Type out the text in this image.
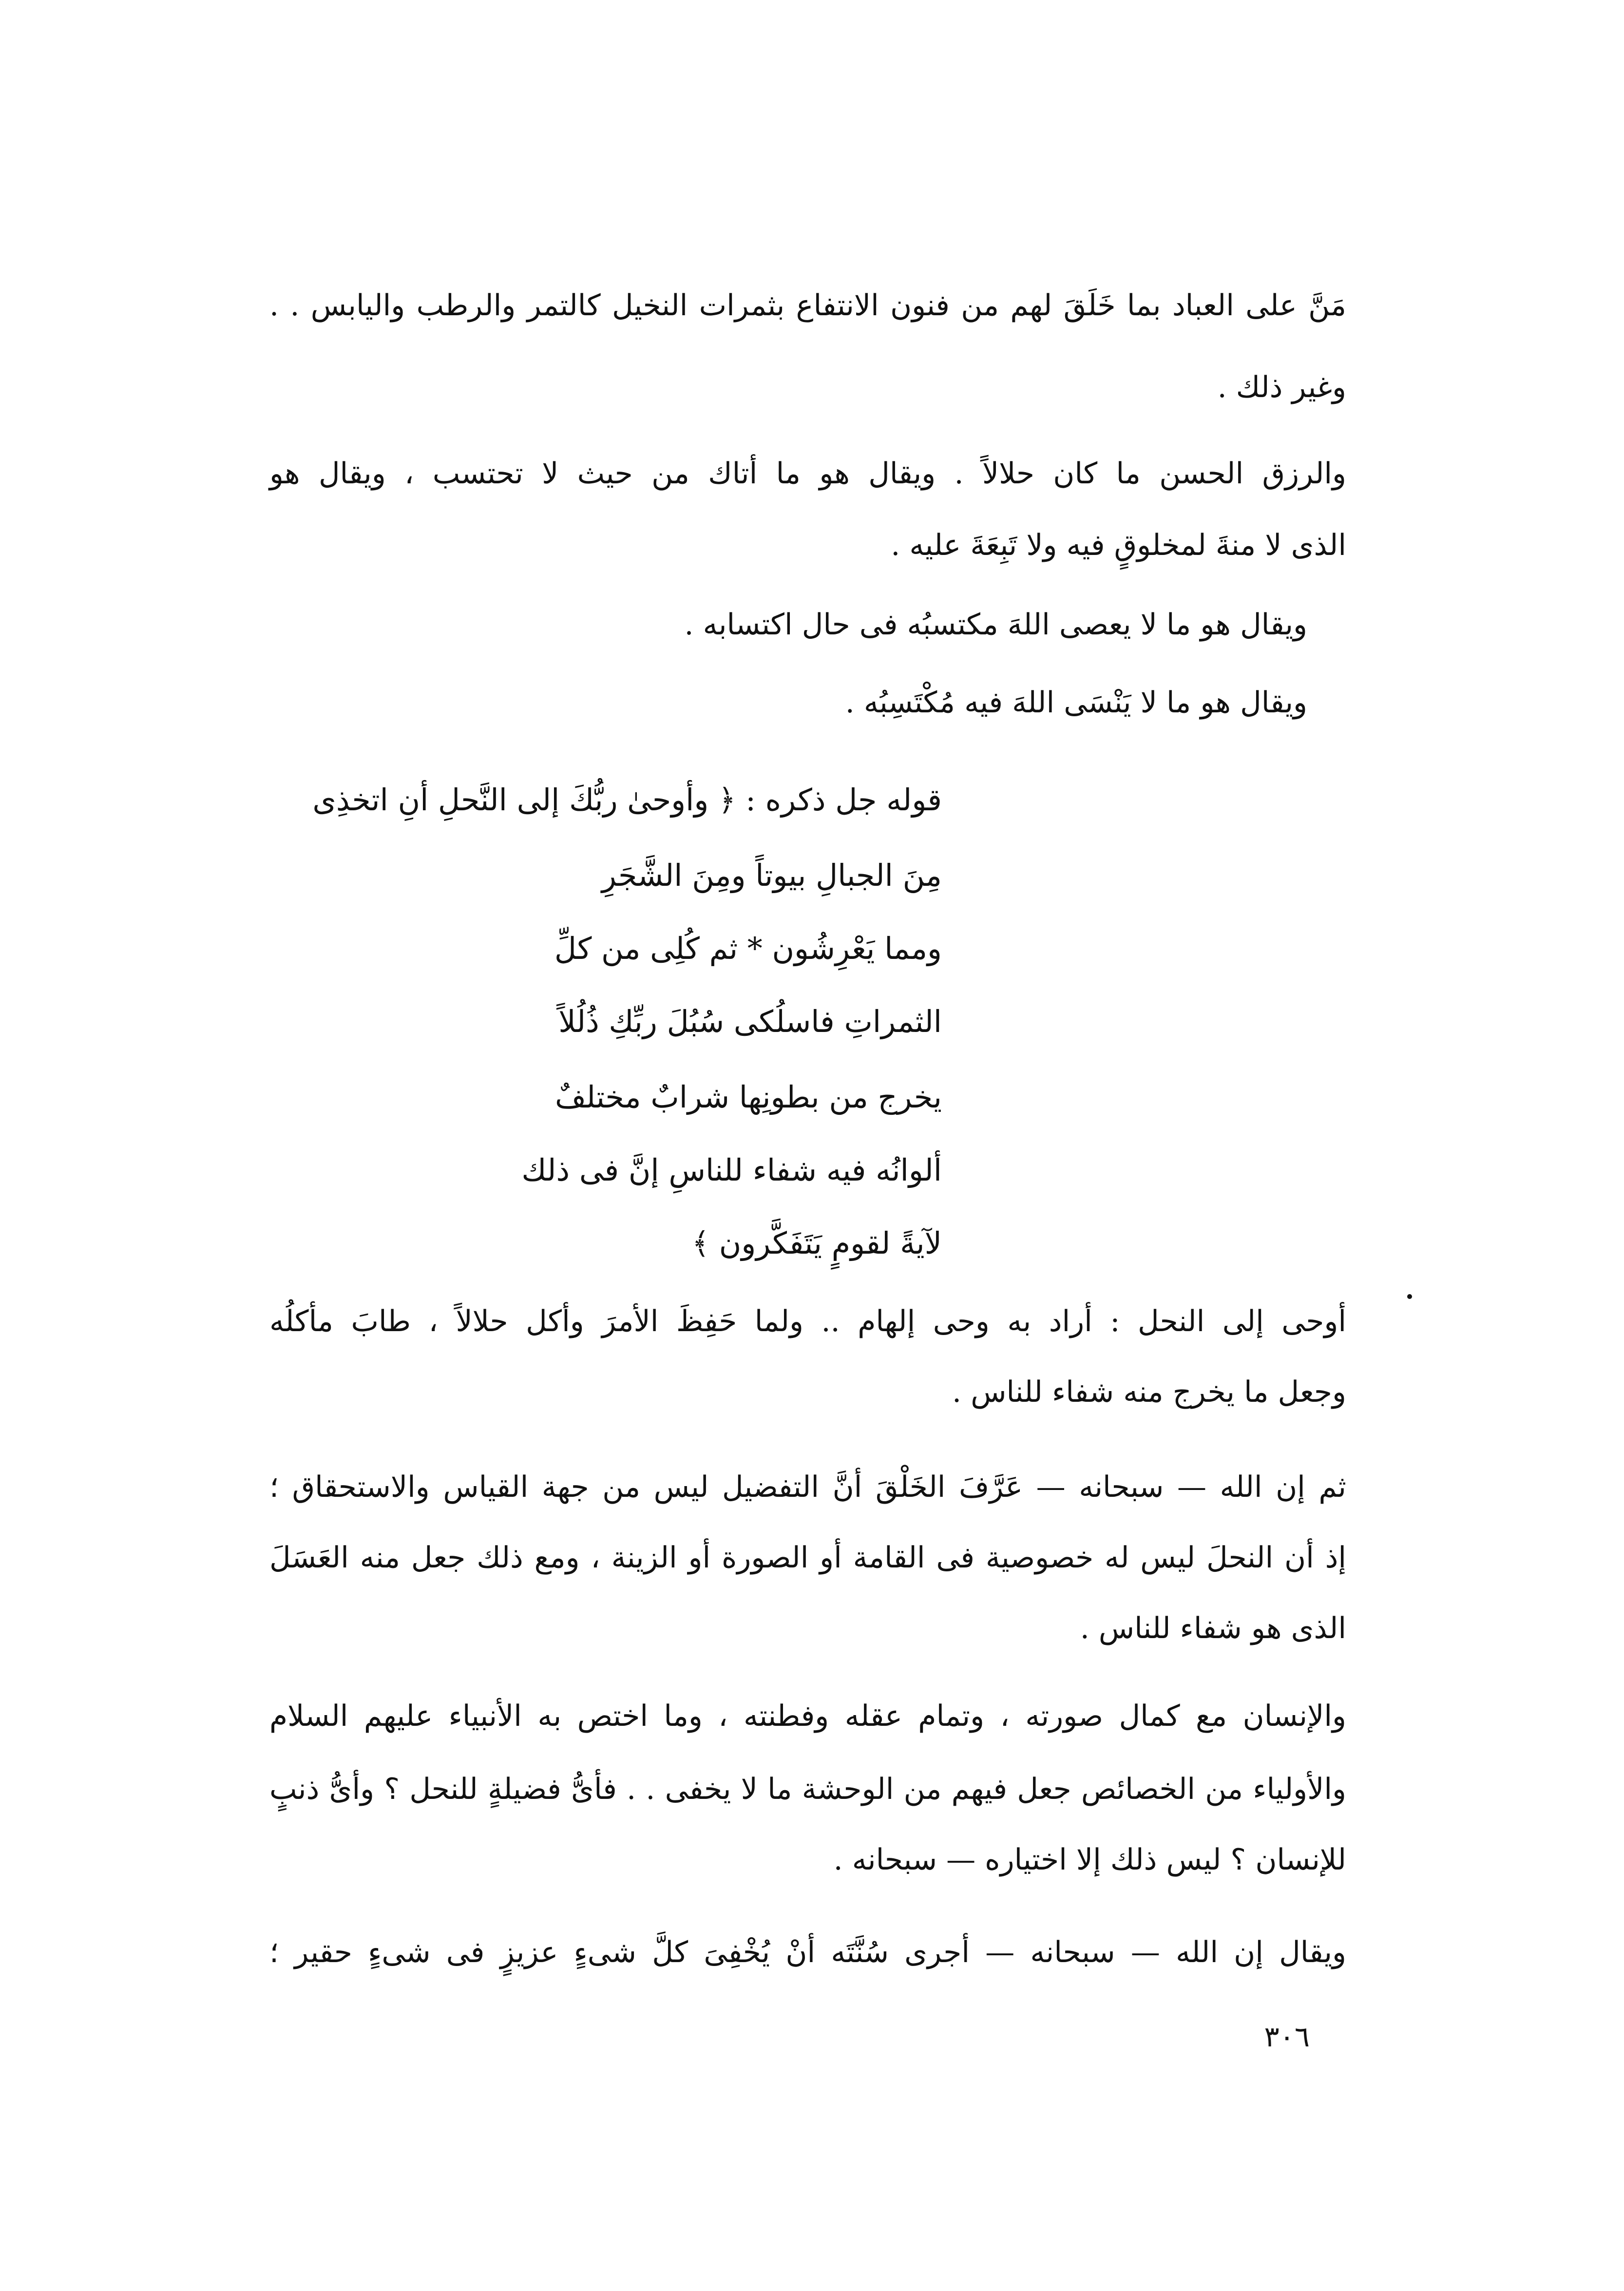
مَنَّ على العباد بما خَلَقَ لهم من فنون الانتفاع بثمرات النخيل كالتمر والرطب واليابس . .
وغير ذلك .
والرزق الحسن ما كان حلالاً . ويقال هو ما أتاك من حيث لا تحتسب ، ويقال هو
الذى لا منةَ لمخلوقٍ فيه ولا تَبِعَةَ عليه .
ويقال هو ما لا يعصى اللهَ مكتسبُه فى حال اكتسابه .
ويقال هو ما لا يَنْسَى اللهَ فيه مُكْتَسِبُه .
قوله جل ذكره : ﴿ وأوحىٰ ربُّكَ إلى النَّحلِ أنِ اتخذِى
مِنَ الجبالِ بيوتاً ومِنَ الشَّجَرِ
ومما يَعْرِشُون * ثم كُلِى من كلِّ
الثمراتِ فاسلُكى سُبُلَ ربِّكِ ذُلُلاً
يخرج من بطونِها شرابٌ مختلفٌ
ألوانُه فيه شفاء للناسِ إنَّ فى ذلك
لآيةً لقومٍ يَتَفَكَّرون ﴾
أوحى إلى النحل : أراد به وحى إلهام .. ولما حَفِظَ الأمرَ وأكل حلالاً ، طابَ مأكلُه
وجعل ما يخرج منه شفاء للناس .
ثم إن الله — سبحانه — عَرَّفَ الخَلْقَ أنَّ التفضيل ليس من جهة القياس والاستحقاق ؛
إذ أن النحلَ ليس له خصوصية فى القامة أو الصورة أو الزينة ، ومع ذلك جعل منه العَسَلَ
الذى هو شفاء للناس .
والإنسان مع كمال صورته ، وتمام عقله وفطنته ، وما اختص به الأنبياء عليهم السلام
والأولياء من الخصائص جعل فيهم من الوحشة ما لا يخفى . . فأىُّ فضيلةٍ للنحل ؟ وأىُّ ذنبٍ
للإنسان ؟ ليس ذلك إلا اختياره — سبحانه .
ويقال إن الله — سبحانه — أجرى سُنَّتَه أنْ يُخْفِىَ كلَّ شىءٍ عزيزٍ فى شىءٍ حقير ؛
٣٠٦
